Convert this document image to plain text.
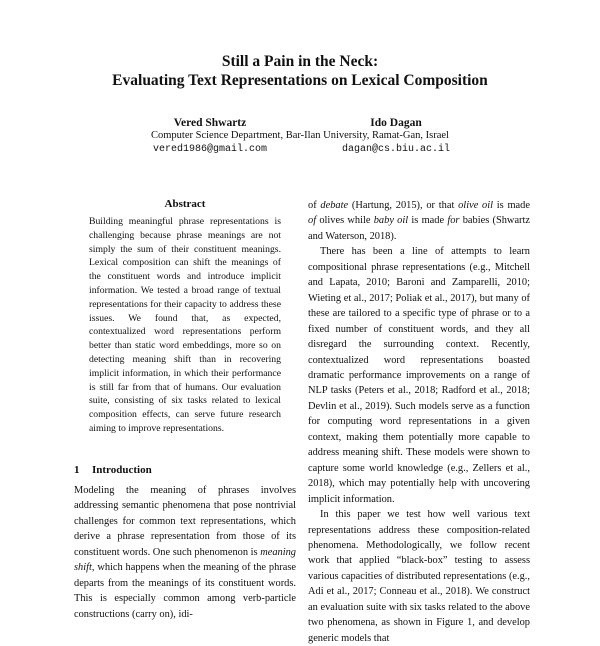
Still a Pain in the Neck:
Evaluating Text Representations on Lexical Composition
Vered Shwartz	Ido Dagan
Computer Science Department, Bar-Ilan University, Ramat-Gan, Israel
vered1986@gmail.com	dagan@cs.biu.ac.il
Abstract
Building meaningful phrase representations is challenging because phrase meanings are not simply the sum of their constituent meanings. Lexical composition can shift the meanings of the constituent words and introduce implicit information. We tested a broad range of textual representations for their capacity to address these issues. We found that, as expected, contextualized word representations perform better than static word embeddings, more so on detecting meaning shift than in recovering implicit information, in which their performance is still far from that of humans. Our evaluation suite, consisting of six tasks related to lexical composition effects, can serve future research aiming to improve representations.
1 Introduction

Modeling the meaning of phrases involves addressing semantic phenomena that pose nontrivial challenges for common text representations, which derive a phrase representation from those of its constituent words. One such phenomenon is meaning shift, which happens when the meaning of the phrase departs from the meanings of its constituent words. This is especially common among verb-particle constructions (carry on), idi-

of debate (Hartung, 2015), or that olive oil is made of olives while baby oil is made for babies (Shwartz and Waterson, 2018).

There has been a line of attempts to learn compositional phrase representations (e.g., Mitchell and Lapata, 2010; Baroni and Zamparelli, 2010; Wieting et al., 2017; Poliak et al., 2017), but many of these are tailored to a specific type of phrase or to a fixed number of constituent words, and they all disregard the surrounding context. Recently, contextualized word representations boasted dramatic performance improvements on a range of NLP tasks (Peters et al., 2018; Radford et al., 2018; Devlin et al., 2019). Such models serve as a function for computing word representations in a given context, making them potentially more capable to address meaning shift. These models were shown to capture some world knowledge (e.g., Zellers et al., 2018), which may potentially help with uncovering implicit information.

In this paper we test how well various text representations address these composition-related phenomena. Methodologically, we follow recent work that applied “black-box” testing to assess various capacities of distributed representations (e.g., Adi et al., 2017; Conneau et al., 2018). We construct an evaluation suite with six tasks related to the above two phenomena, as shown in Figure 1, and develop generic models that
